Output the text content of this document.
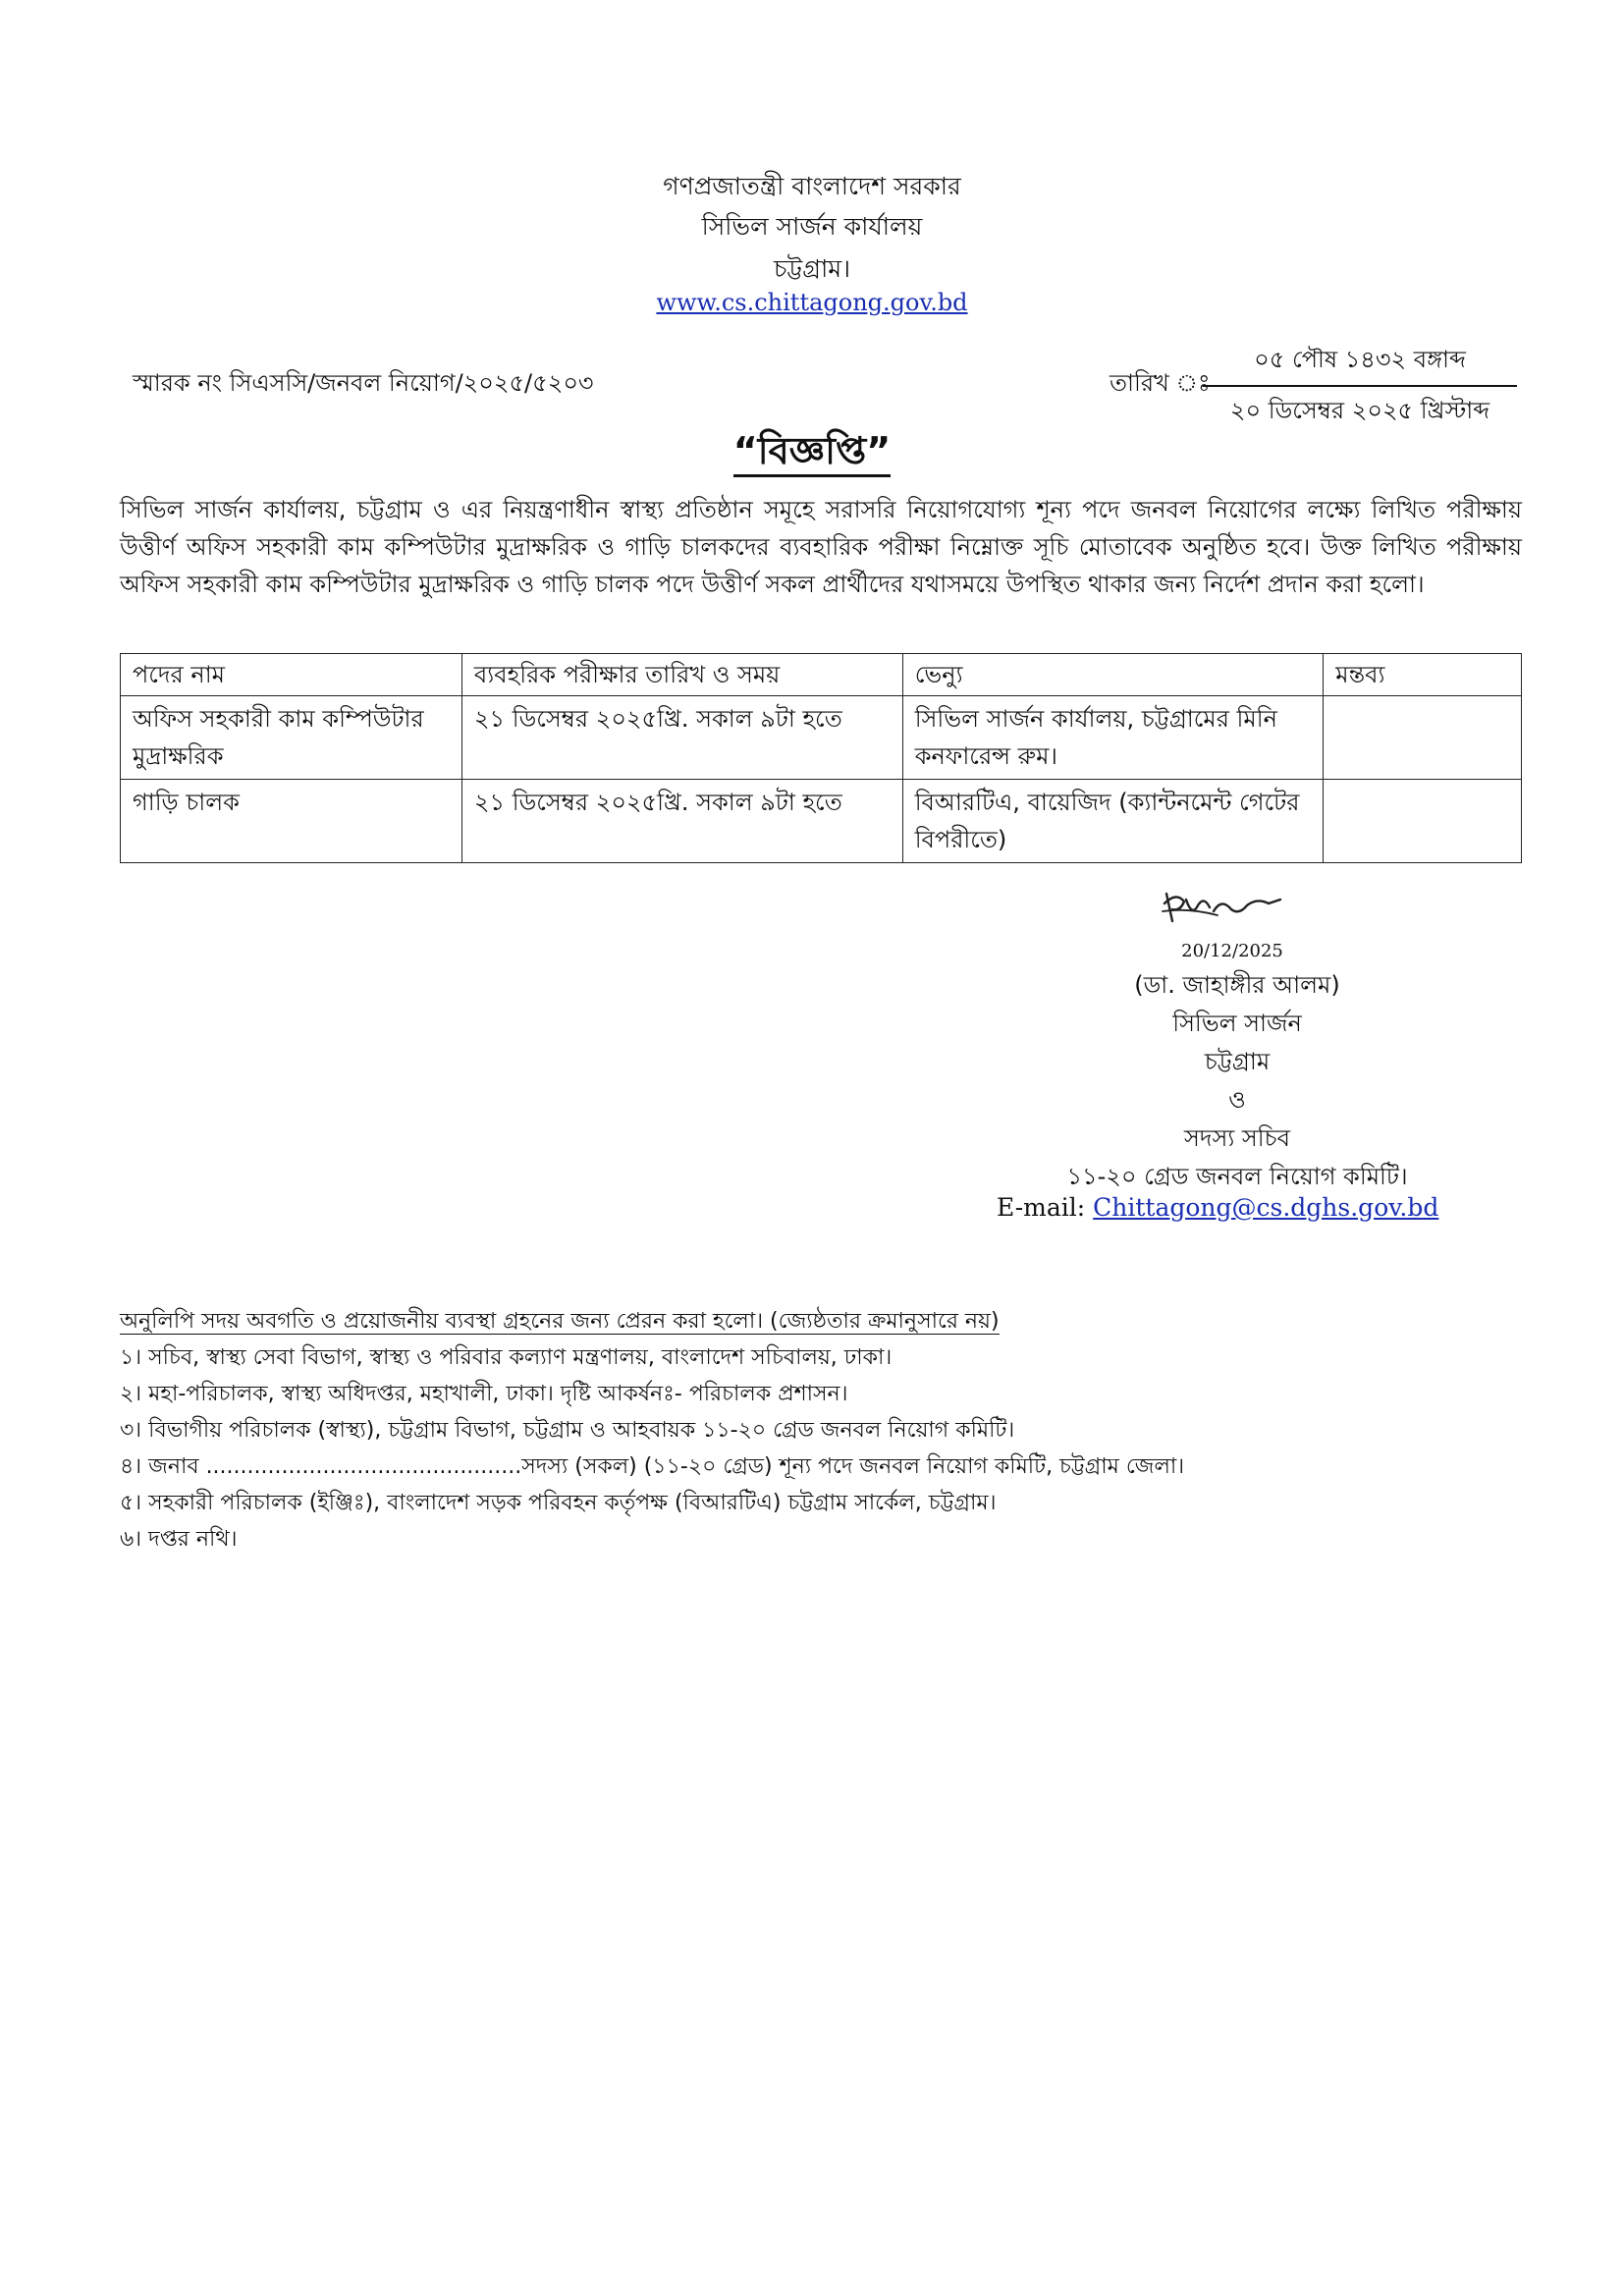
গণপ্রজাতন্ত্রী বাংলাদেশ সরকার
সিভিল সার্জন কার্যালয়
চট্টগ্রাম।
www.cs.chittagong.gov.bd
স্মারক নং সিএসসি/জনবল নিয়োগ/২০২৫/৫২০৩	তারিখ ঃ
০৫ পৌষ ১৪৩২ বঙ্গাব্দ
২০ ডিসেম্বর ২০২৫ খ্রিস্টাব্দ
“বিজ্ঞপ্তি”
সিভিল সার্জন কার্যালয়, চট্টগ্রাম ও এর নিয়ন্ত্রণাধীন স্বাস্থ্য প্রতিষ্ঠান সমূহে সরাসরি নিয়োগযোগ্য শূন্য পদে জনবল নিয়োগের লক্ষ্যে লিখিত পরীক্ষায় উত্তীর্ণ অফিস সহকারী কাম কম্পিউটার মুদ্রাক্ষরিক ও গাড়ি চালকদের ব্যবহারিক পরীক্ষা নিম্নোক্ত সূচি মোতাবেক অনুষ্ঠিত হবে। উক্ত লিখিত পরীক্ষায় অফিস সহকারী কাম কম্পিউটার মুদ্রাক্ষরিক ও গাড়ি চালক পদে উত্তীর্ণ সকল প্রার্থীদের যথাসময়ে উপস্থিত থাকার জন্য নির্দেশ প্রদান করা হলো।
পদের নাম	ব্যবহরিক পরীক্ষার তারিখ ও সময়	ভেন্যু	মন্তব্য
অফিস সহকারী কাম কম্পিউটার মুদ্রাক্ষরিক	২১ ডিসেম্বর ২০২৫খ্রি. সকাল ৯টা হতে	সিভিল সার্জন কার্যালয়, চট্টগ্রামের মিনি কনফারেন্স রুম।	
গাড়ি চালক	২১ ডিসেম্বর ২০২৫খ্রি. সকাল ৯টা হতে	বিআরটিএ, বায়েজিদ (ক্যান্টনমেন্ট গেটের বিপরীতে)	
20/12/2025
(ডা. জাহাঙ্গীর আলম)
সিভিল সার্জন
চট্টগ্রাম
ও
সদস্য সচিব
১১-২০ গ্রেড জনবল নিয়োগ কমিটি।
E-mail: Chittagong@cs.dghs.gov.bd
অনুলিপি সদয় অবগতি ও প্রয়োজনীয় ব্যবস্থা গ্রহনের জন্য প্রেরন করা হলো। (জ্যেষ্ঠতার ক্রমানুসারে নয়)
১। সচিব, স্বাস্থ্য সেবা বিভাগ, স্বাস্থ্য ও পরিবার কল্যাণ মন্ত্রণালয়, বাংলাদেশ সচিবালয়, ঢাকা।
২। মহা-পরিচালক, স্বাস্থ্য অধিদপ্তর, মহাখালী, ঢাকা। দৃষ্টি আকর্ষনঃ- পরিচালক প্রশাসন।
৩। বিভাগীয় পরিচালক (স্বাস্থ্য), চট্টগ্রাম বিভাগ, চট্টগ্রাম ও আহবায়ক ১১-২০ গ্রেড জনবল নিয়োগ কমিটি।
৪। জনাব ..............................................সদস্য (সকল) (১১-২০ গ্রেড) শূন্য পদে জনবল নিয়োগ কমিটি, চট্টগ্রাম জেলা।
৫। সহকারী পরিচালক (ইঞ্জিঃ), বাংলাদেশ সড়ক পরিবহন কর্তৃপক্ষ (বিআরটিএ) চট্টগ্রাম সার্কেল, চট্টগ্রাম।
৬। দপ্তর নথি।
